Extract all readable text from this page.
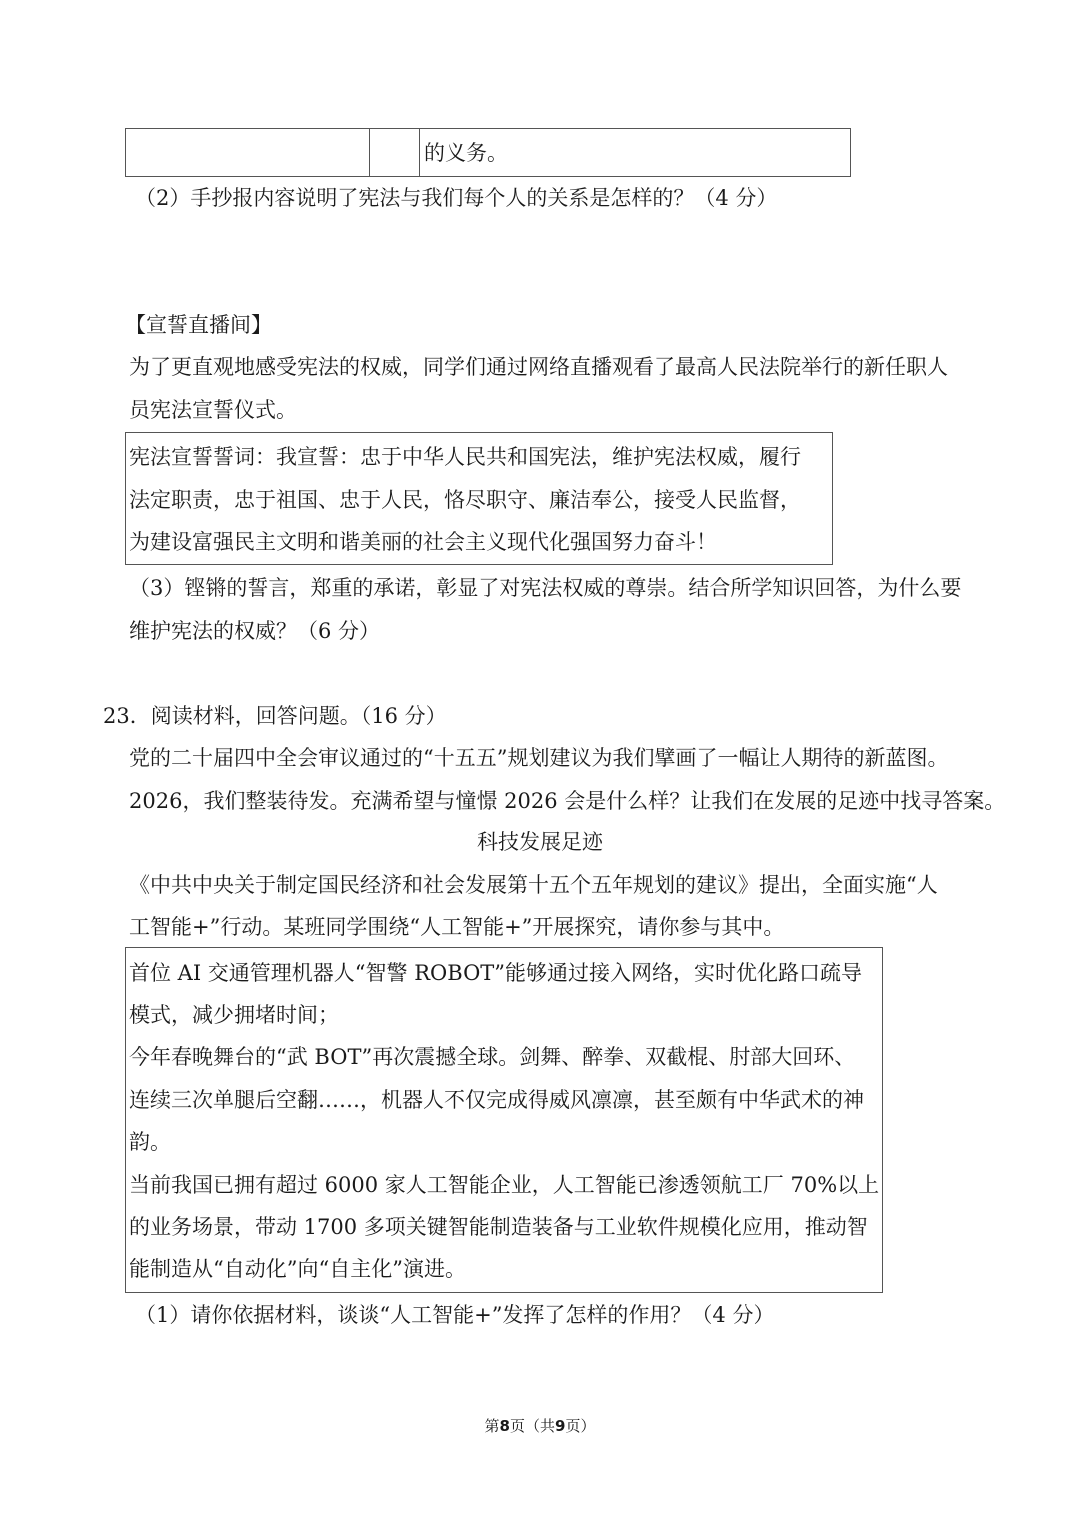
的义务。
（2）手抄报内容说明了宪法与我们每个人的关系是怎样的？（4 分）
【宣誓直播间】
为了更直观地感受宪法的权威，同学们通过网络直播观看了最高人民法院举行的新任职人
员宪法宣誓仪式。
宪法宣誓誓词：我宣誓：忠于中华人民共和国宪法，维护宪法权威，履行
法定职责，忠于祖国、忠于人民，恪尽职守、廉洁奉公，接受人民监督，
为建设富强民主文明和谐美丽的社会主义现代化强国努力奋斗！
（3）铿锵的誓言，郑重的承诺，彰显了对宪法权威的尊崇。结合所学知识回答，为什么要
维护宪法的权威？（6 分）
23．阅读材料，回答问题。（16 分）
党的二十届四中全会审议通过的“十五五”规划建议为我们擘画了一幅让人期待的新蓝图。
2026，我们整装待发。充满希望与憧憬 2026 会是什么样？让我们在发展的足迹中找寻答案。
科技发展足迹
《中共中央关于制定国民经济和社会发展第十五个五年规划的建议》提出，全面实施“人
工智能+”行动。某班同学围绕“人工智能+”开展探究，请你参与其中。
首位 AI 交通管理机器人“智警 ROBOT”能够通过接入网络，实时优化路口疏导
模式，减少拥堵时间；
今年春晚舞台的“武 BOT”再次震撼全球。剑舞、醉拳、双截棍、肘部大回环、
连续三次单腿后空翻……，机器人不仅完成得威风凛凛，甚至颇有中华武术的神
韵。
当前我国已拥有超过 6000 家人工智能企业，人工智能已渗透领航工厂 70%以上
的业务场景，带动 1700 多项关键智能制造装备与工业软件规模化应用，推动智
能制造从“自动化”向“自主化”演进。
（1）请你依据材料，谈谈“人工智能+”发挥了怎样的作用？（4 分）
第8页（共9页）
